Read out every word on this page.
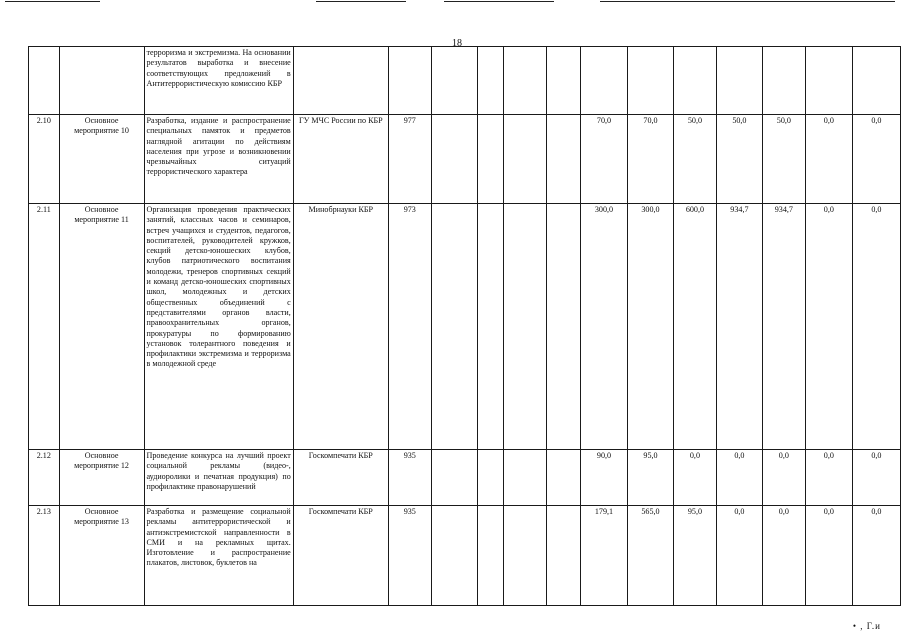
18
		терроризма и экстремизма. На основании результатов выработка и внесение соответствующих предложений в Антитеррористическую комиссию КБР													
2.10	Основное мероприятие 10	Разработка, издание и распространение специальных памяток и предметов наглядной агитации по действиям населения при угрозе и возникновении чрезвычайных ситуаций террористического характера	ГУ МЧС России по КБР	977					70,0	70,0	50,0	50,0	50,0	0,0	0,0
2.11	Основное мероприятие 11	Организация проведения практических занятий, классных часов и семинаров, встреч учащихся и студентов, педагогов, воспитателей, руководителей кружков, секций детско-юношеских клубов, клубов патриотического воспитания молодежи, тренеров спортивных секций и команд детско-юношеских спортивных школ, молодежных и детских общественных объединений с представителями органов власти, правоохранительных органов, прокуратуры по формированию установок толерантного поведения и профилактики экстремизма и терроризма в молодежной среде	Минобрнауки КБР	973					300,0	300,0	600,0	934,7	934,7	0,0	0,0
2.12	Основное мероприятие 12	Проведение конкурса на лучший проект социальной рекламы (видео-, аудиоролики и печатная продукция) по профилактике правонарушений	Госкомпечати КБР	935					90,0	95,0	0,0	0,0	0,0	0,0	0,0
2.13	Основное мероприятие 13	Разработка и размещение социальной рекламы антитеррористической и антиэкстремистской направленности в СМИ и на рекламных щитах. Изготовление и распространение плакатов, листовок, буклетов на	Госкомпечати КБР	935					179,1	565,0	95,0	0,0	0,0	0,0	0,0
• , Г.и
